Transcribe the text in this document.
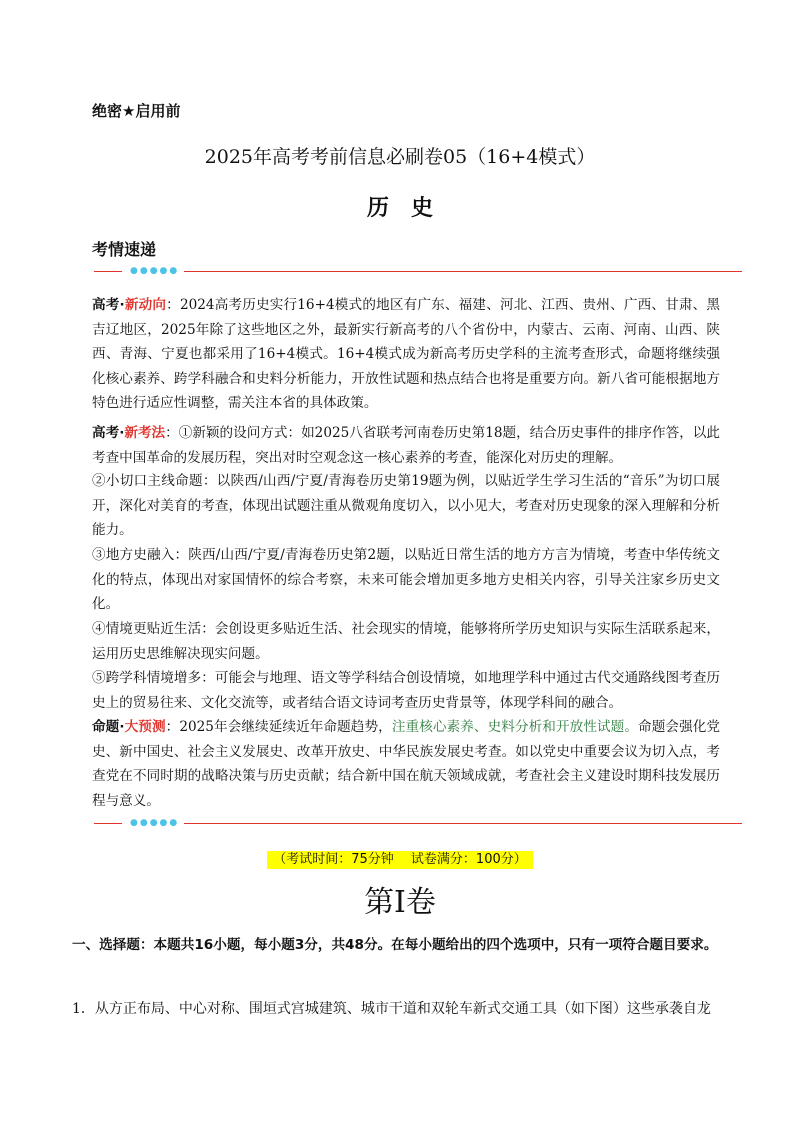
绝密★启用前
2025年高考考前信息必刷卷05（16+4模式）
历史
考情速递
●●●●●
高考·新动向：2024高考历史实行16+4模式的地区有广东、福建、河北、江西、贵州、广西、甘肃、黑吉辽地区，2025年除了这些地区之外，最新实行新高考的八个省份中，内蒙古、云南、河南、山西、陕西、青海、宁夏也都采用了16+4模式。16+4模式成为新高考历史学科的主流考查形式，命题将继续强化核心素养、跨学科融合和史料分析能力，开放性试题和热点结合也将是重要方向。新八省可能根据地方特色进行适应性调整，需关注本省的具体政策。
高考·新考法：①新颖的设问方式：如2025八省联考河南卷历史第18题，结合历史事件的排序作答，以此考查中国革命的发展历程，突出对时空观念这一核心素养的考查，能深化对历史的理解。
②小切口主线命题：以陕西/山西/宁夏/青海卷历史第19题为例，以贴近学生学习生活的“音乐”为切口展开，深化对美育的考查，体现出试题注重从微观角度切入，以小见大，考查对历史现象的深入理解和分析能力。
③地方史融入：陕西/山西/宁夏/青海卷历史第2题，以贴近日常生活的地方方言为情境，考查中华传统文化的特点，体现出对家国情怀的综合考察，未来可能会增加更多地方史相关内容，引导关注家乡历史文化。
④情境更贴近生活：会创设更多贴近生活、社会现实的情境，能够将所学历史知识与实际生活联系起来，运用历史思维解决现实问题。
⑤跨学科情境增多：可能会与地理、语文等学科结合创设情境，如地理学科中通过古代交通路线图考查历史上的贸易往来、文化交流等，或者结合语文诗词考查历史背景等，体现学科间的融合。
命题·大预测：2025年会继续延续近年命题趋势，注重核心素养、史料分析和开放性试题。命题会强化党史、新中国史、社会主义发展史、改革开放史、中华民族发展史考查。如以党史中重要会议为切入点，考查党在不同时期的战略决策与历史贡献；结合新中国在航天领域成就，考查社会主义建设时期科技发展历程与意义。
●●●●●
（考试时间：75分钟　 试卷满分：100分）
第Ⅰ卷
一、选择题：本题共16小题，每小题3分，共48分。在每小题给出的四个选项中，只有一项符合题目要求。
1．从方正布局、中心对称、围垣式宫城建筑、城市干道和双轮车新式交通工具（如下图）这些承袭自龙
